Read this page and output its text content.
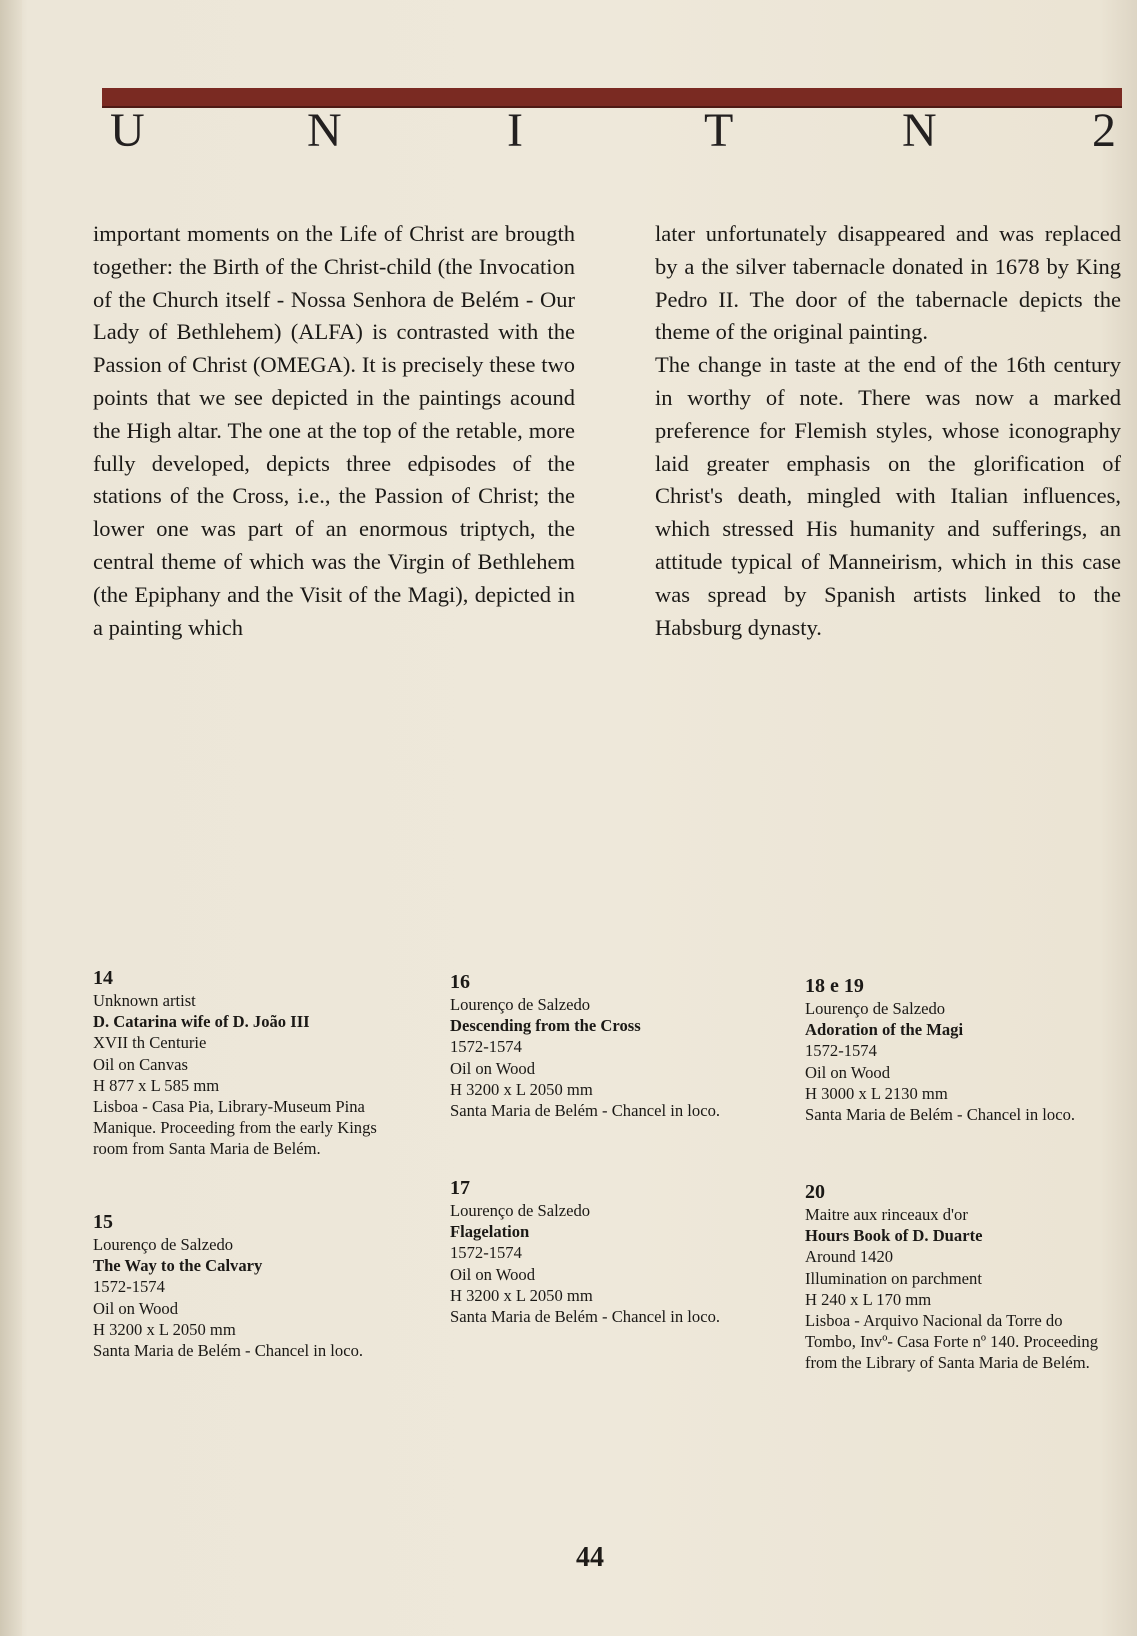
U	N	I	T	N	2

important moments on the Life of Christ are brougth together: the Birth of the Christ-child (the Invocation of the Church itself - Nossa Senhora de Belém - Our Lady of Bethlehem) (ALFA) is contrasted with the Passion of Christ (OMEGA). It is precisely these two points that we see depicted in the paintings acound the High altar. The one at the top of the retable, more fully developed, depicts three edpisodes of the stations of the Cross, i.e., the Passion of Christ; the lower one was part of an enormous triptych, the central theme of which was the Virgin of Bethlehem (the Epiphany and the Visit of the Magi), depicted in a painting which

later unfortunately disappeared and was replaced by a the silver tabernacle donated in 1678 by King Pedro II. The door of the tabernacle depicts the theme of the original painting.

The change in taste at the end of the 16th century in worthy of note. There was now a marked preference for Flemish styles, whose iconography laid greater emphasis on the glorification of Christ's death, mingled with Italian influences, which stressed His humanity and sufferings, an attitude typical of Manneirism, which in this case was spread by Spanish artists linked to the Habsburg dynasty.

14
Unknown artist
D. Catarina wife of D. João III
XVII th Centurie
Oil on Canvas
H 877 x L 585 mm
Lisboa - Casa Pia, Library-Museum Pina Manique. Proceeding from the early Kings room from Santa Maria de Belém.
15
Lourenço de Salzedo
The Way to the Calvary
1572-1574
Oil on Wood
H 3200 x L 2050 mm
Santa Maria de Belém - Chancel in loco.
16
Lourenço de Salzedo
Descending from the Cross
1572-1574
Oil on Wood
H 3200 x L 2050 mm
Santa Maria de Belém - Chancel in loco.
17
Lourenço de Salzedo
Flagelation
1572-1574
Oil on Wood
H 3200 x L 2050 mm
Santa Maria de Belém - Chancel in loco.
18 e 19
Lourenço de Salzedo
Adoration of the Magi
1572-1574
Oil on Wood
H 3000 x L 2130 mm
Santa Maria de Belém - Chancel in loco.
20
Maitre aux rinceaux d'or
Hours Book of D. Duarte
Around 1420
Illumination on parchment
H 240 x L 170 mm
Lisboa - Arquivo Nacional da Torre do Tombo, Invº- Casa Forte nº 140. Proceeding from the Library of Santa Maria de Belém.
44
